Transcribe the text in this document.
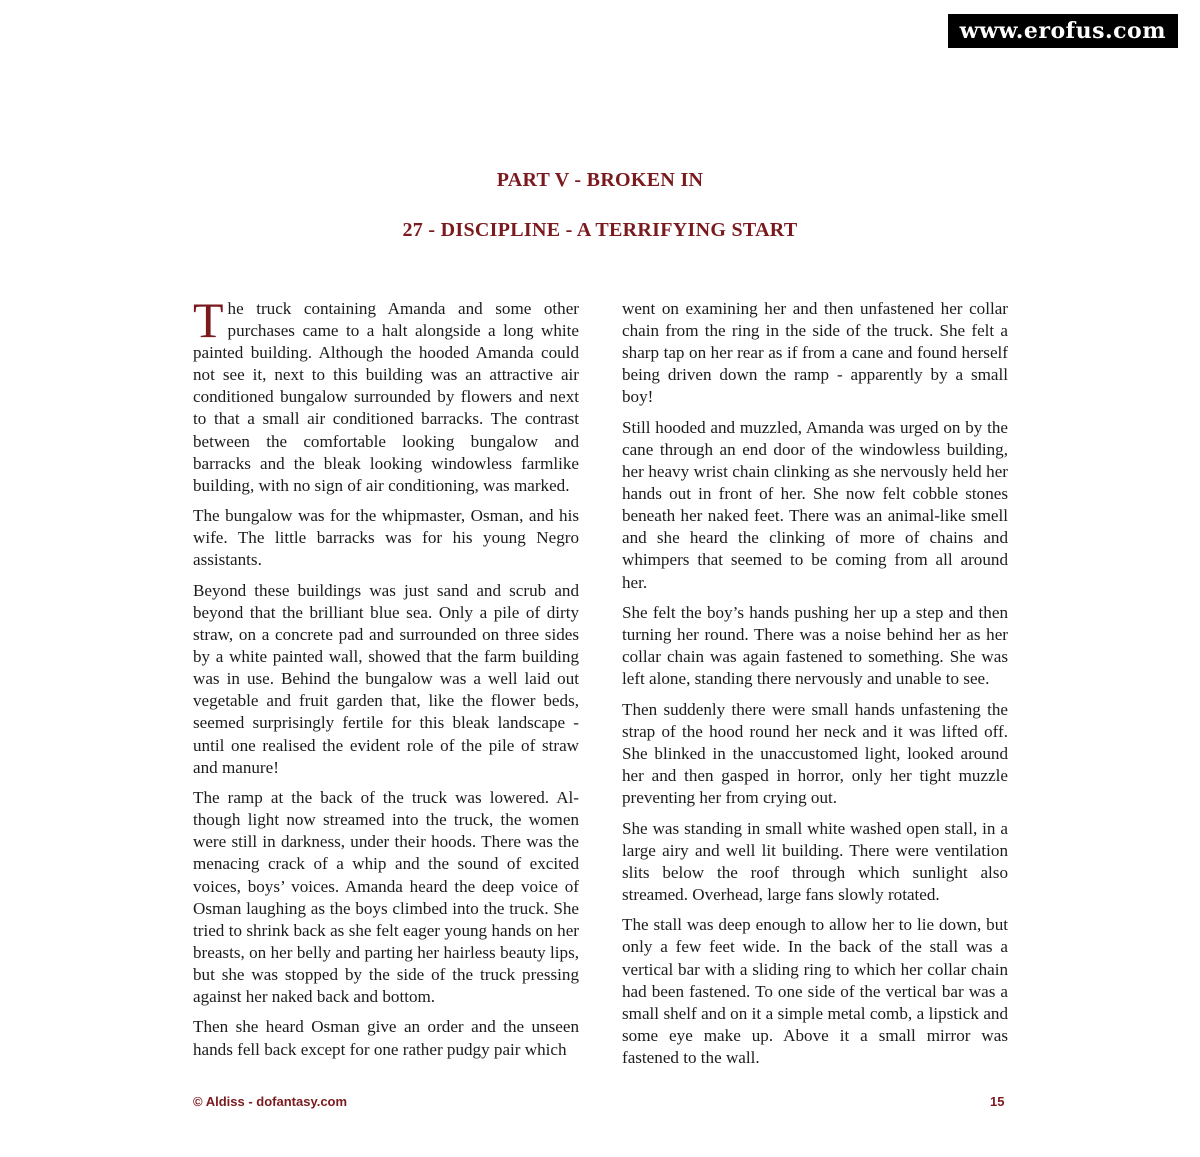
www.erofus.com
PART V - BROKEN IN
27 - DISCIPLINE - A TERRIFYING START

The truck containing Amanda and some other purchases came to a halt alongside a long white painted building. Although the hooded Amanda could not see it, next to this building was an attractive air conditioned bungalow surrounded by flowers and next to that a small air conditioned barracks. The contrast between the comfortable looking bungalow and barracks and the bleak looking windowless farmlike building, with no sign of air conditioning, was marked.

The bungalow was for the whipmaster, Osman, and his wife. The little barracks was for his young Negro assistants.

Beyond these buildings was just sand and scrub and beyond that the brilliant blue sea. Only a pile of dirty straw, on a concrete pad and surrounded on three sides by a white painted wall, showed that the farm building was in use. Behind the bungalow was a well laid out vegetable and fruit garden that, like the flower beds, seemed surprisingly fertile for this bleak landscape - until one realised the evident role of the pile of straw and manure!

The ramp at the back of the truck was lowered. Although light now streamed into the truck, the women were still in darkness, under their hoods. There was the menacing crack of a whip and the sound of excited voices, boys’ voices. Amanda heard the deep voice of Osman laughing as the boys climbed into the truck. She tried to shrink back as she felt eager young hands on her breasts, on her belly and parting her hairless beauty lips, but she was stopped by the side of the truck pressing against her naked back and bottom.

Then she heard Osman give an order and the unseen hands fell back except for one rather pudgy pair which

went on examining her and then unfastened her collar chain from the ring in the side of the truck. She felt a sharp tap on her rear as if from a cane and found herself being driven down the ramp - apparently by a small boy!

Still hooded and muzzled, Amanda was urged on by the cane through an end door of the windowless building, her heavy wrist chain clinking as she nervously held her hands out in front of her. She now felt cobble stones beneath her naked feet. There was an animal-like smell and she heard the clinking of more of chains and whimpers that seemed to be coming from all around her.

She felt the boy’s hands pushing her up a step and then turning her round. There was a noise behind her as her collar chain was again fastened to something. She was left alone, standing there nervously and unable to see.

Then suddenly there were small hands unfastening the strap of the hood round her neck and it was lifted off. She blinked in the unaccustomed light, looked around her and then gasped in horror, only her tight muzzle preventing her from crying out.

She was standing in small white washed open stall, in a large airy and well lit building. There were ventilation slits below the roof through which sunlight also streamed. Overhead, large fans slowly rotated.

The stall was deep enough to allow her to lie down, but only a few feet wide. In the back of the stall was a vertical bar with a sliding ring to which her collar chain had been fastened. To one side of the vertical bar was a small shelf and on it a simple metal comb, a lipstick and some eye make up. Above it a small mirror was fastened to the wall.

© Aldiss - dofantasy.com	15
